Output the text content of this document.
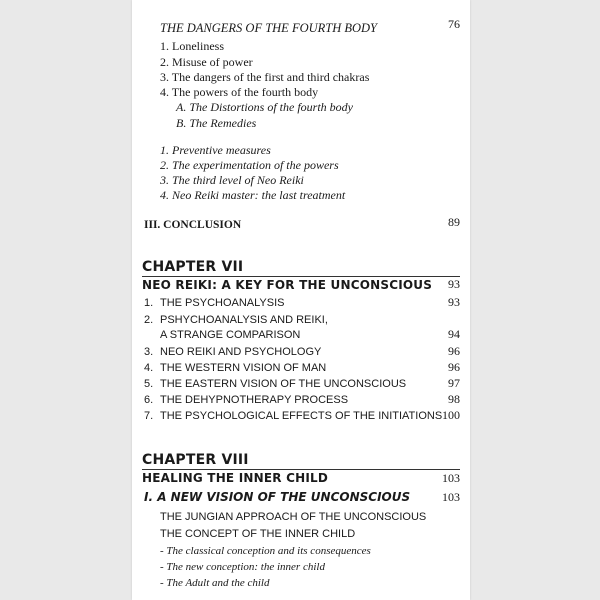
THE DANGERS OF THE FOURTH BODY	76
1. Loneliness
2. Misuse of power
3. The dangers of the first and third chakras
4. The powers of the fourth body
A. The Distortions of the fourth body
B. The Remedies
1. Preventive measures
2. The experimentation of the powers
3. The third level of Neo Reiki
4. Neo Reiki master: the last treatment
III. CONCLUSION	89
CHAPTER VII
NEO REIKI: A KEY FOR THE UNCONSCIOUS 93
1. THE PSYCHOANALYSIS	93
2. PSHYCHOANALYSIS AND REIKI,
A STRANGE COMPARISON	94
3. NEO REIKI AND PSYCHOLOGY	96
4. THE WESTERN VISION OF MAN	96
5. THE EASTERN VISION OF THE UNCONSCIOUS	97
6. THE DEHYPNOTHERAPY PROCESS	98
7. THE PSYCHOLOGICAL EFFECTS OF THE INITIATIONS 100
CHAPTER VIII
HEALING THE INNER CHILD	103
I. A NEW VISION OF THE UNCONSCIOUS	103
THE JUNGIAN APPROACH OF THE UNCONSCIOUS
THE CONCEPT OF THE INNER CHILD
- The classical conception and its consequences
- The new conception: the inner child
- The Adult and the child
